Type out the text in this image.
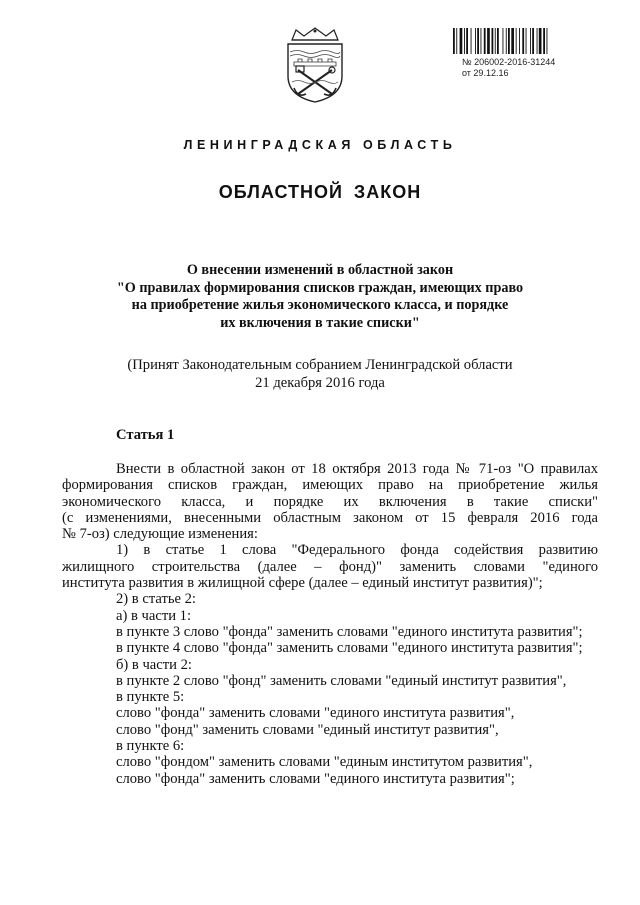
№ 206002-2016-31244
от 29.12.16
ЛЕНИНГРАДСКАЯ ОБЛАСТЬ
ОБЛАСТНОЙ ЗАКОН
О внесении изменений в областной закон
"О правилах формирования списков граждан, имеющих право
на приобретение жилья экономического класса, и порядке
их включения в такие списки"
(Принят Законодательным собранием Ленинградской области
21 декабря 2016 года
Статья 1
Внести в областной закон от 18 октября 2013 года № 71-оз "О правилах
формирования списков граждан, имеющих право на приобретение жилья
экономического класса, и порядке их включения в такие списки"
(с изменениями, внесенными областным законом от 15 февраля 2016 года
№ 7-оз) следующие изменения:
1) в статье 1 слова "Федерального фонда содействия развитию
жилищного строительства (далее – фонд)" заменить словами "единого
института развития в жилищной сфере (далее – единый институт развития)";
2) в статье 2:
а) в части 1:
в пункте 3 слово "фонда" заменить словами "единого института развития";
в пункте 4 слово "фонда" заменить словами "единого института развития";
б) в части 2:
в пункте 2 слово "фонд" заменить словами "единый институт развития",
в пункте 5:
слово "фонда" заменить словами "единого института развития",
слово "фонд" заменить словами "единый институт развития",
в пункте 6:
слово "фондом" заменить словами "единым институтом развития",
слово "фонда" заменить словами "единого института развития";
